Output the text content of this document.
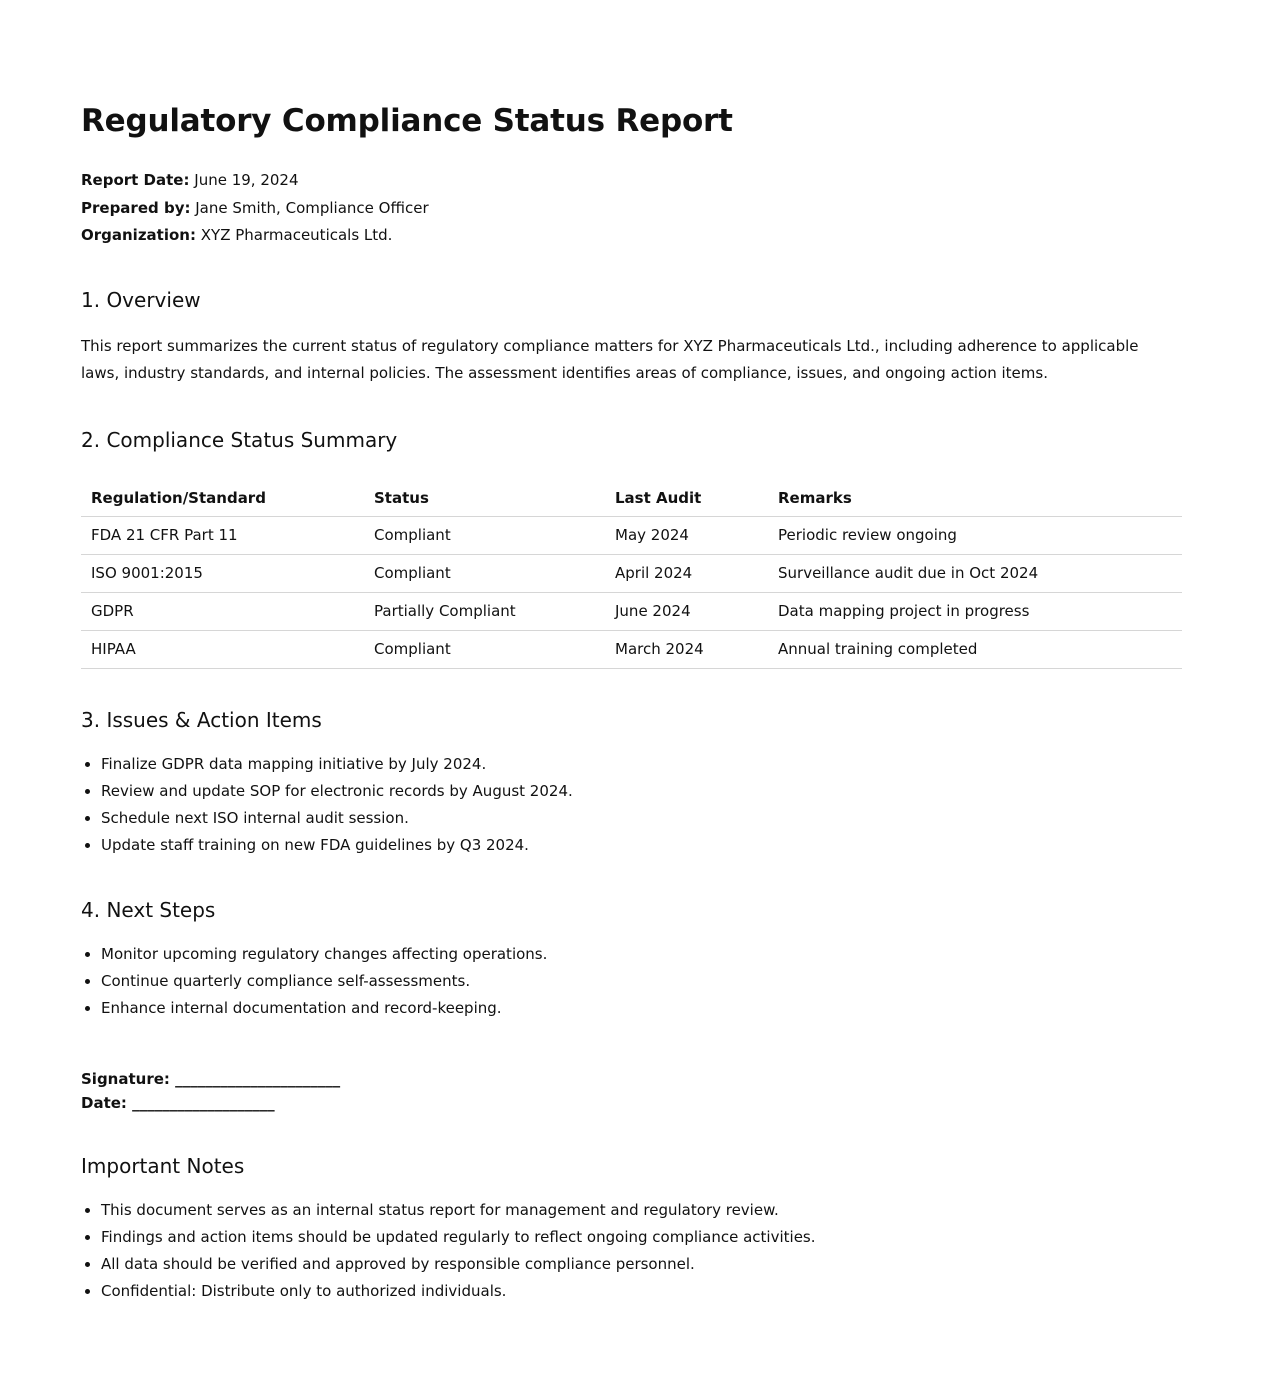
Regulatory Compliance Status Report
Report Date: June 19, 2024
Prepared by: Jane Smith, Compliance Officer
Organization: XYZ Pharmaceuticals Ltd.
1. Overview

This report summarizes the current status of regulatory compliance matters for XYZ Pharmaceuticals Ltd., including adherence to applicable laws, industry standards, and internal policies. The assessment identifies areas of compliance, issues, and ongoing action items.

2. Compliance Status Summary
Regulation/Standard	Status	Last Audit	Remarks
FDA 21 CFR Part 11	Compliant	May 2024	Periodic review ongoing
ISO 9001:2015	Compliant	April 2024	Surveillance audit due in Oct 2024
GDPR	Partially Compliant	June 2024	Data mapping project in progress
HIPAA	Compliant	March 2024	Annual training completed
3. Issues & Action Items
• Finalize GDPR data mapping initiative by July 2024.
• Review and update SOP for electronic records by August 2024.
• Schedule next ISO internal audit session.
• Update staff training on new FDA guidelines by Q3 2024.
4. Next Steps
• Monitor upcoming regulatory changes affecting operations.
• Continue quarterly compliance self-assessments.
• Enhance internal documentation and record-keeping.
Signature: ______________________
Date: ___________________
Important Notes
• This document serves as an internal status report for management and regulatory review.
• Findings and action items should be updated regularly to reflect ongoing compliance activities.
• All data should be verified and approved by responsible compliance personnel.
• Confidential: Distribute only to authorized individuals.
